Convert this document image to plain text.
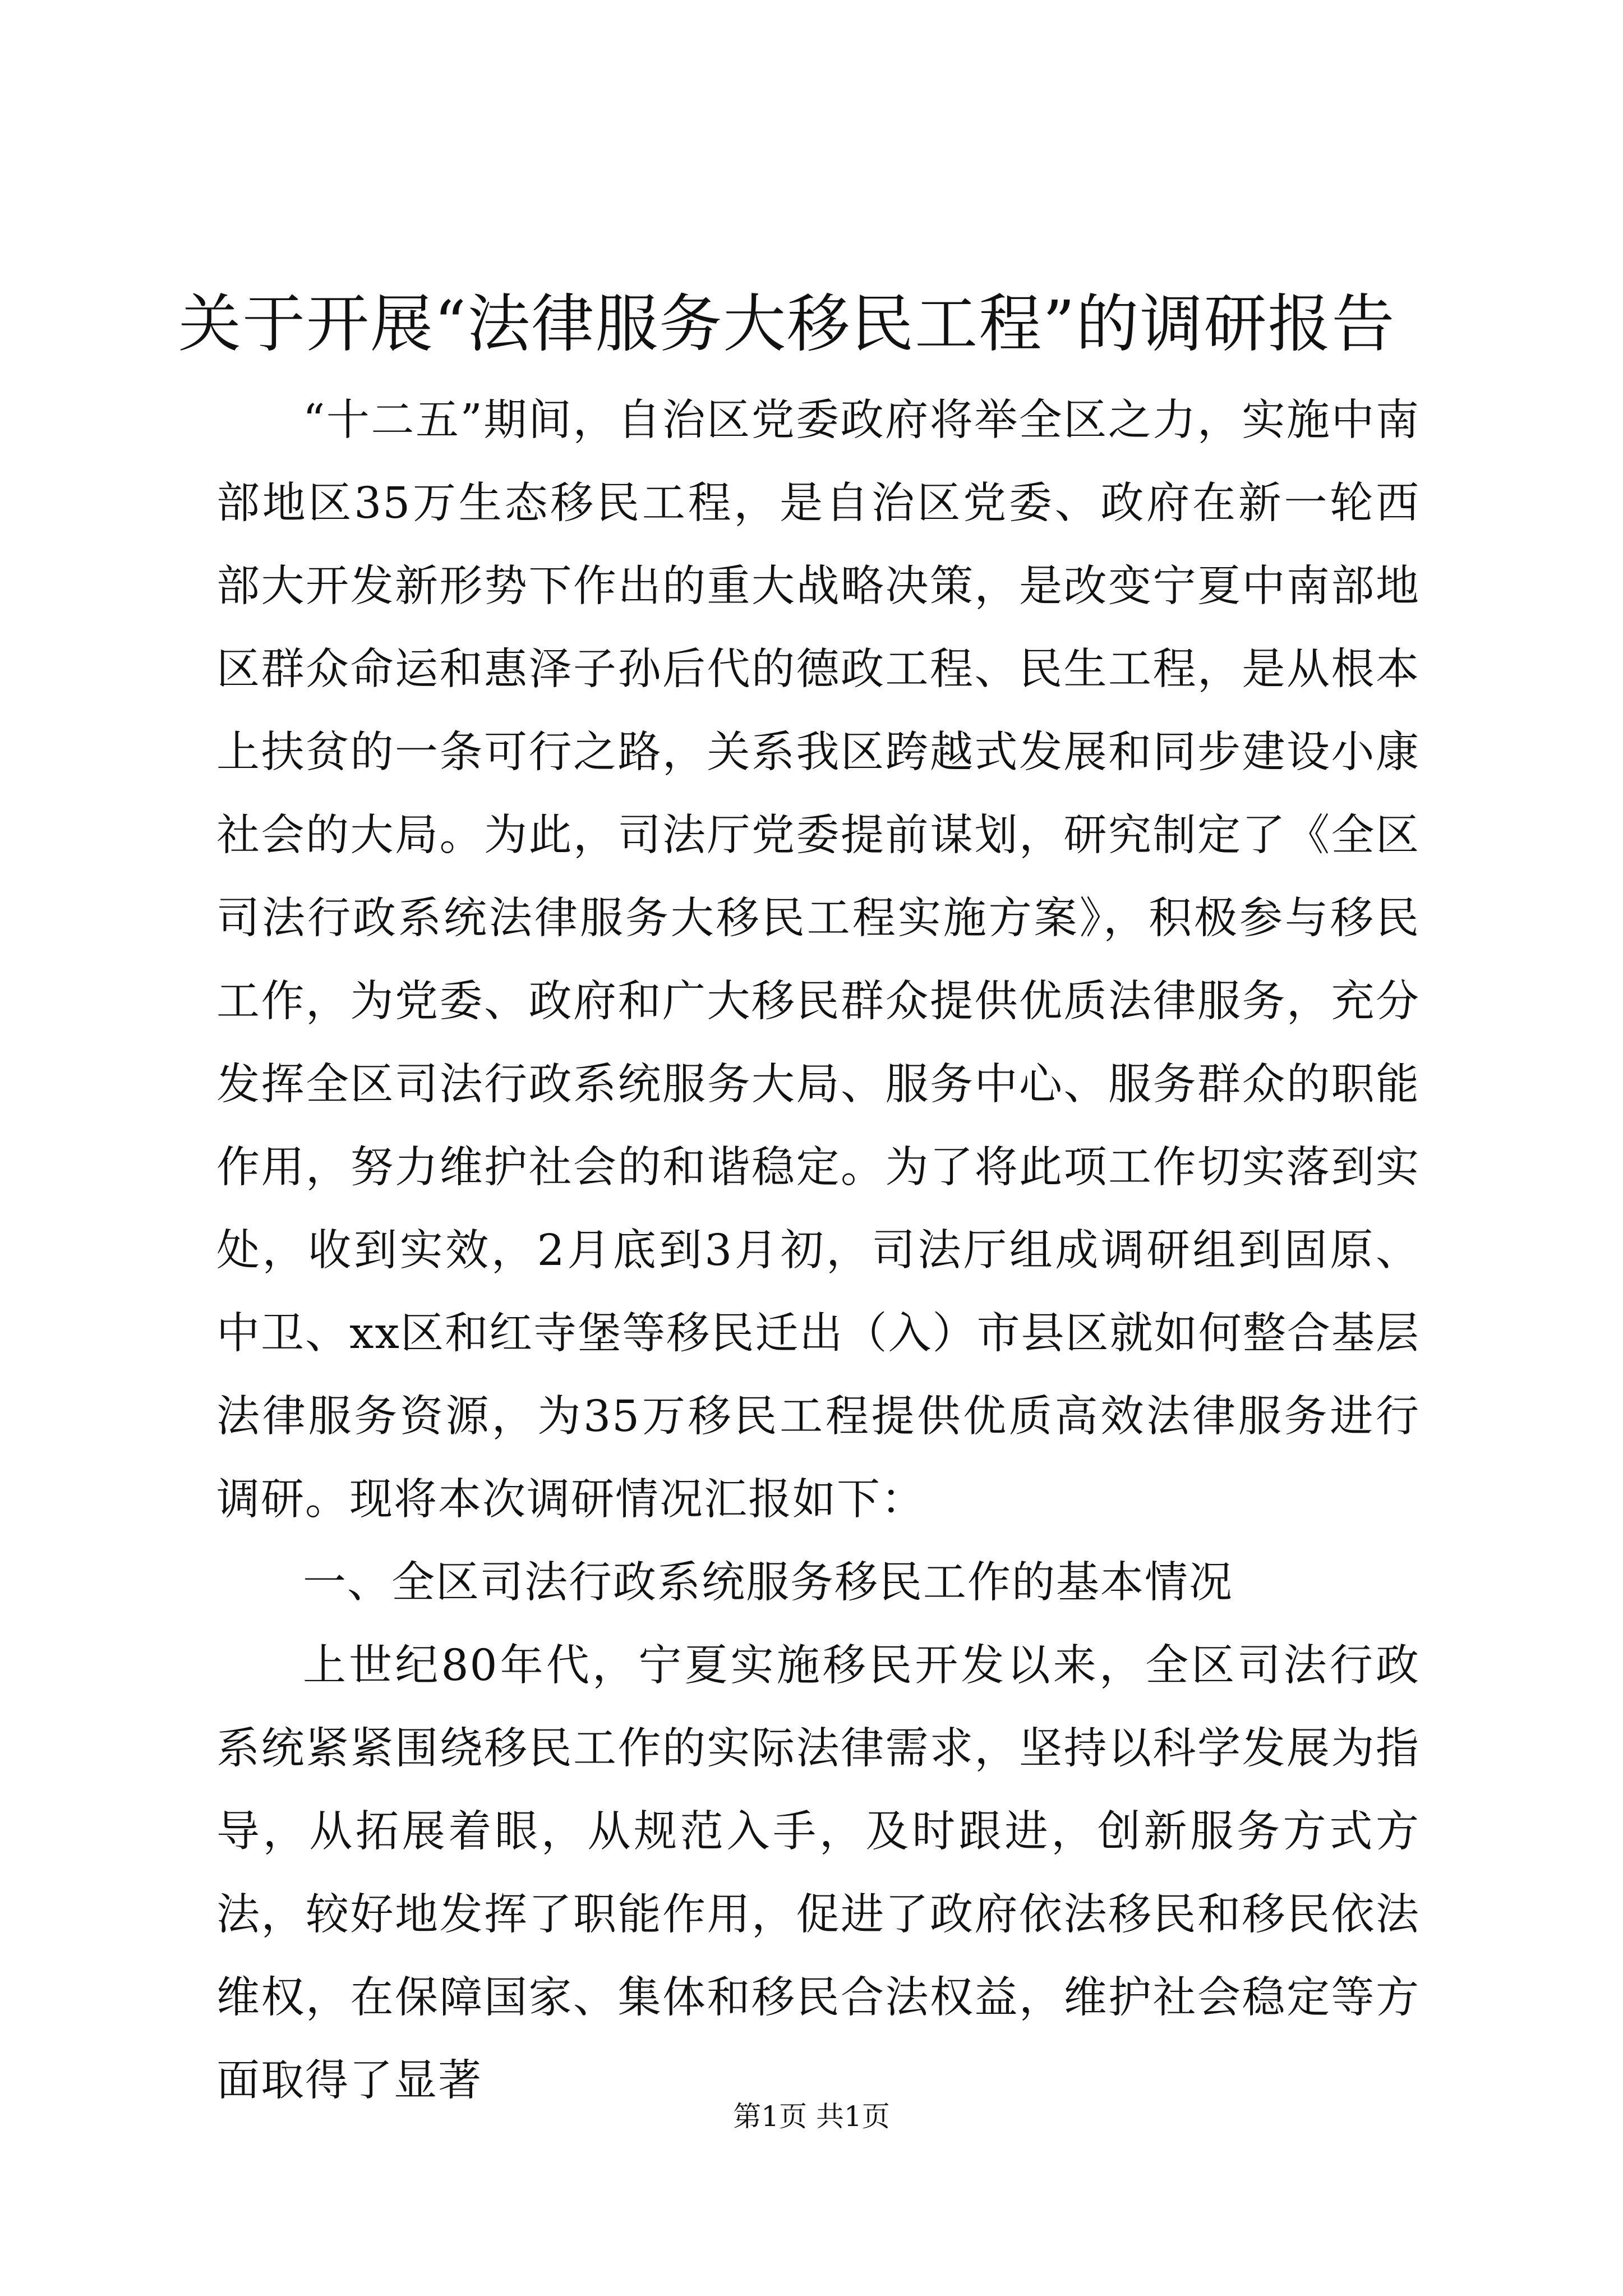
关于开展“法律服务大移民工程”的调研报告

“十二五”期间，自治区党委政府将举全区之力，实施中南部地区35万生态移民工程，是自治区党委、政府在新一轮西部大开发新形势下作出的重大战略决策，是改变宁夏中南部地区群众命运和惠泽子孙后代的德政工程、民生工程，是从根本上扶贫的一条可行之路，关系我区跨越式发展和同步建设小康社会的大局。为此，司法厅党委提前谋划，研究制定了《全区司法行政系统法律服务大移民工程实施方案》，积极参与移民工作，为党委、政府和广大移民群众提供优质法律服务，充分发挥全区司法行政系统服务大局、服务中心、服务群众的职能作用，努力维护社会的和谐稳定。为了将此项工作切实落到实处，收到实效，2月底到3月初，司法厅组成调研组到固原、中卫、xx区和红寺堡等移民迁出（入）市县区就如何整合基层法律服务资源，为35万移民工程提供优质高效法律服务进行调研。现将本次调研情况汇报如下：

一、全区司法行政系统服务移民工作的基本情况

上世纪80年代，宁夏实施移民开发以来，全区司法行政系统紧紧围绕移民工作的实际法律需求，坚持以科学发展为指导，从拓展着眼，从规范入手，及时跟进，创新服务方式方法，较好地发挥了职能作用，促进了政府依法移民和移民依法维权，在保障国家、集体和移民合法权益，维护社会稳定等方面取得了显著

第1页 共1页
